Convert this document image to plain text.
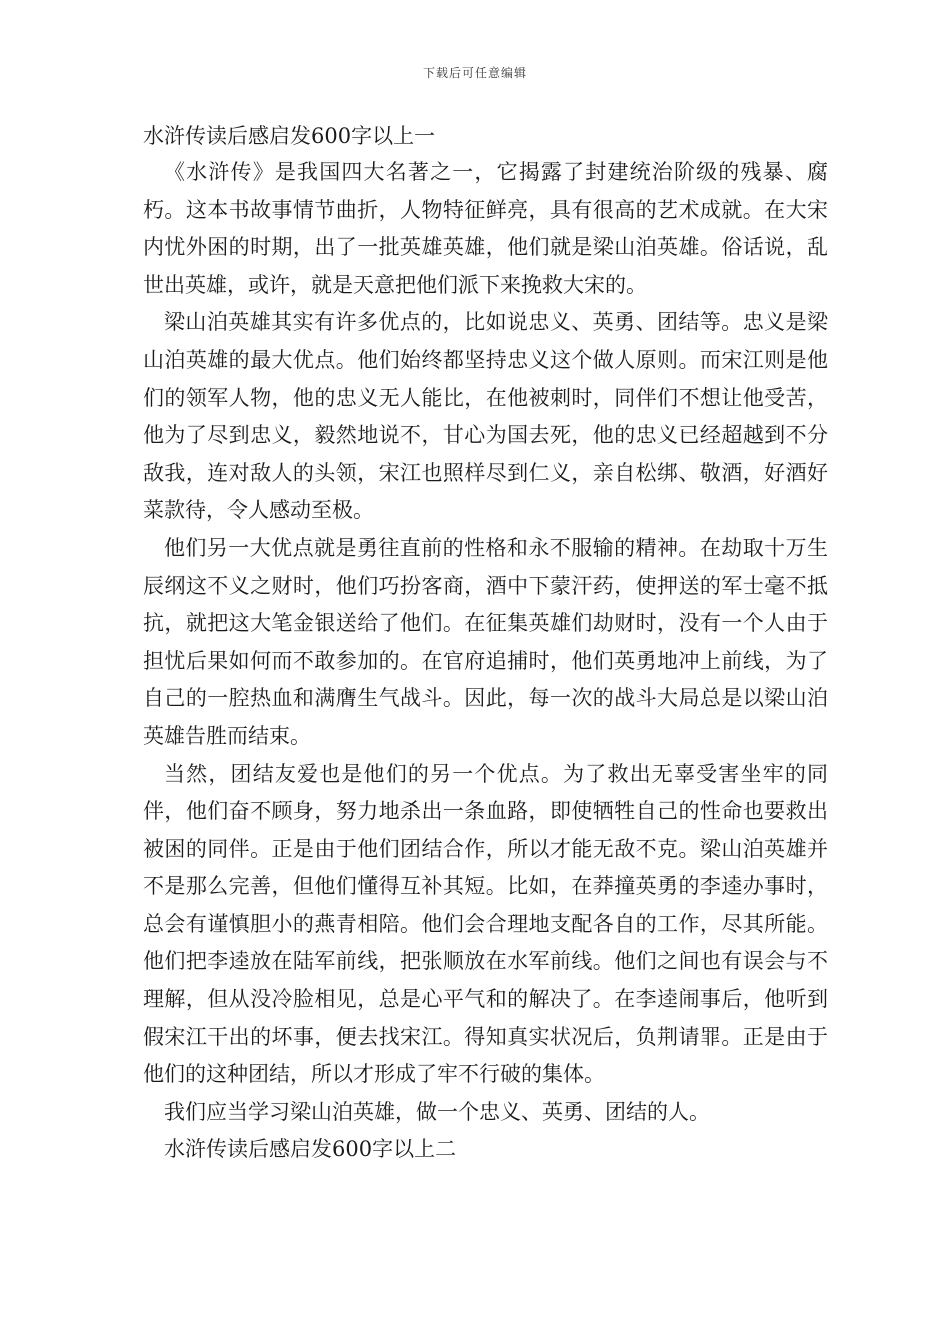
下载后可任意编辑
水浒传读后感启发600字以上一

《水浒传》是我国四大名著之一，它揭露了封建统治阶级的残暴、腐朽。这本书故事情节曲折，人物特征鲜亮，具有很高的艺术成就。在大宋内忧外困的时期，出了一批英雄英雄，他们就是梁山泊英雄。俗话说，乱世出英雄，或许，就是天意把他们派下来挽救大宋的。

梁山泊英雄其实有许多优点的，比如说忠义、英勇、团结等。忠义是梁山泊英雄的最大优点。他们始终都坚持忠义这个做人原则。而宋江则是他们的领军人物，他的忠义无人能比，在他被刺时，同伴们不想让他受苦，他为了尽到忠义，毅然地说不，甘心为国去死，他的忠义已经超越到不分敌我，连对敌人的头领，宋江也照样尽到仁义，亲自松绑、敬酒，好酒好菜款待，令人感动至极。

他们另一大优点就是勇往直前的性格和永不服输的精神。在劫取十万生辰纲这不义之财时，他们巧扮客商，酒中下蒙汗药，使押送的军士毫不抵抗，就把这大笔金银送给了他们。在征集英雄们劫财时，没有一个人由于担忧后果如何而不敢参加的。在官府追捕时，他们英勇地冲上前线，为了自己的一腔热血和满膺生气战斗。因此，每一次的战斗大局总是以梁山泊英雄告胜而结束。

当然，团结友爱也是他们的另一个优点。为了救出无辜受害坐牢的同伴，他们奋不顾身，努力地杀出一条血路，即使牺牲自己的性命也要救出被困的同伴。正是由于他们团结合作，所以才能无敌不克。梁山泊英雄并不是那么完善，但他们懂得互补其短。比如，在莽撞英勇的李逵办事时，总会有谨慎胆小的燕青相陪。他们会合理地支配各自的工作，尽其所能。他们把李逵放在陆军前线，把张顺放在水军前线。他们之间也有误会与不理解，但从没冷脸相见，总是心平气和的解决了。在李逵闹事后，他听到假宋江干出的坏事，便去找宋江。得知真实状况后，负荆请罪。正是由于他们的这种团结，所以才形成了牢不行破的集体。

我们应当学习梁山泊英雄，做一个忠义、英勇、团结的人。

水浒传读后感启发600字以上二
